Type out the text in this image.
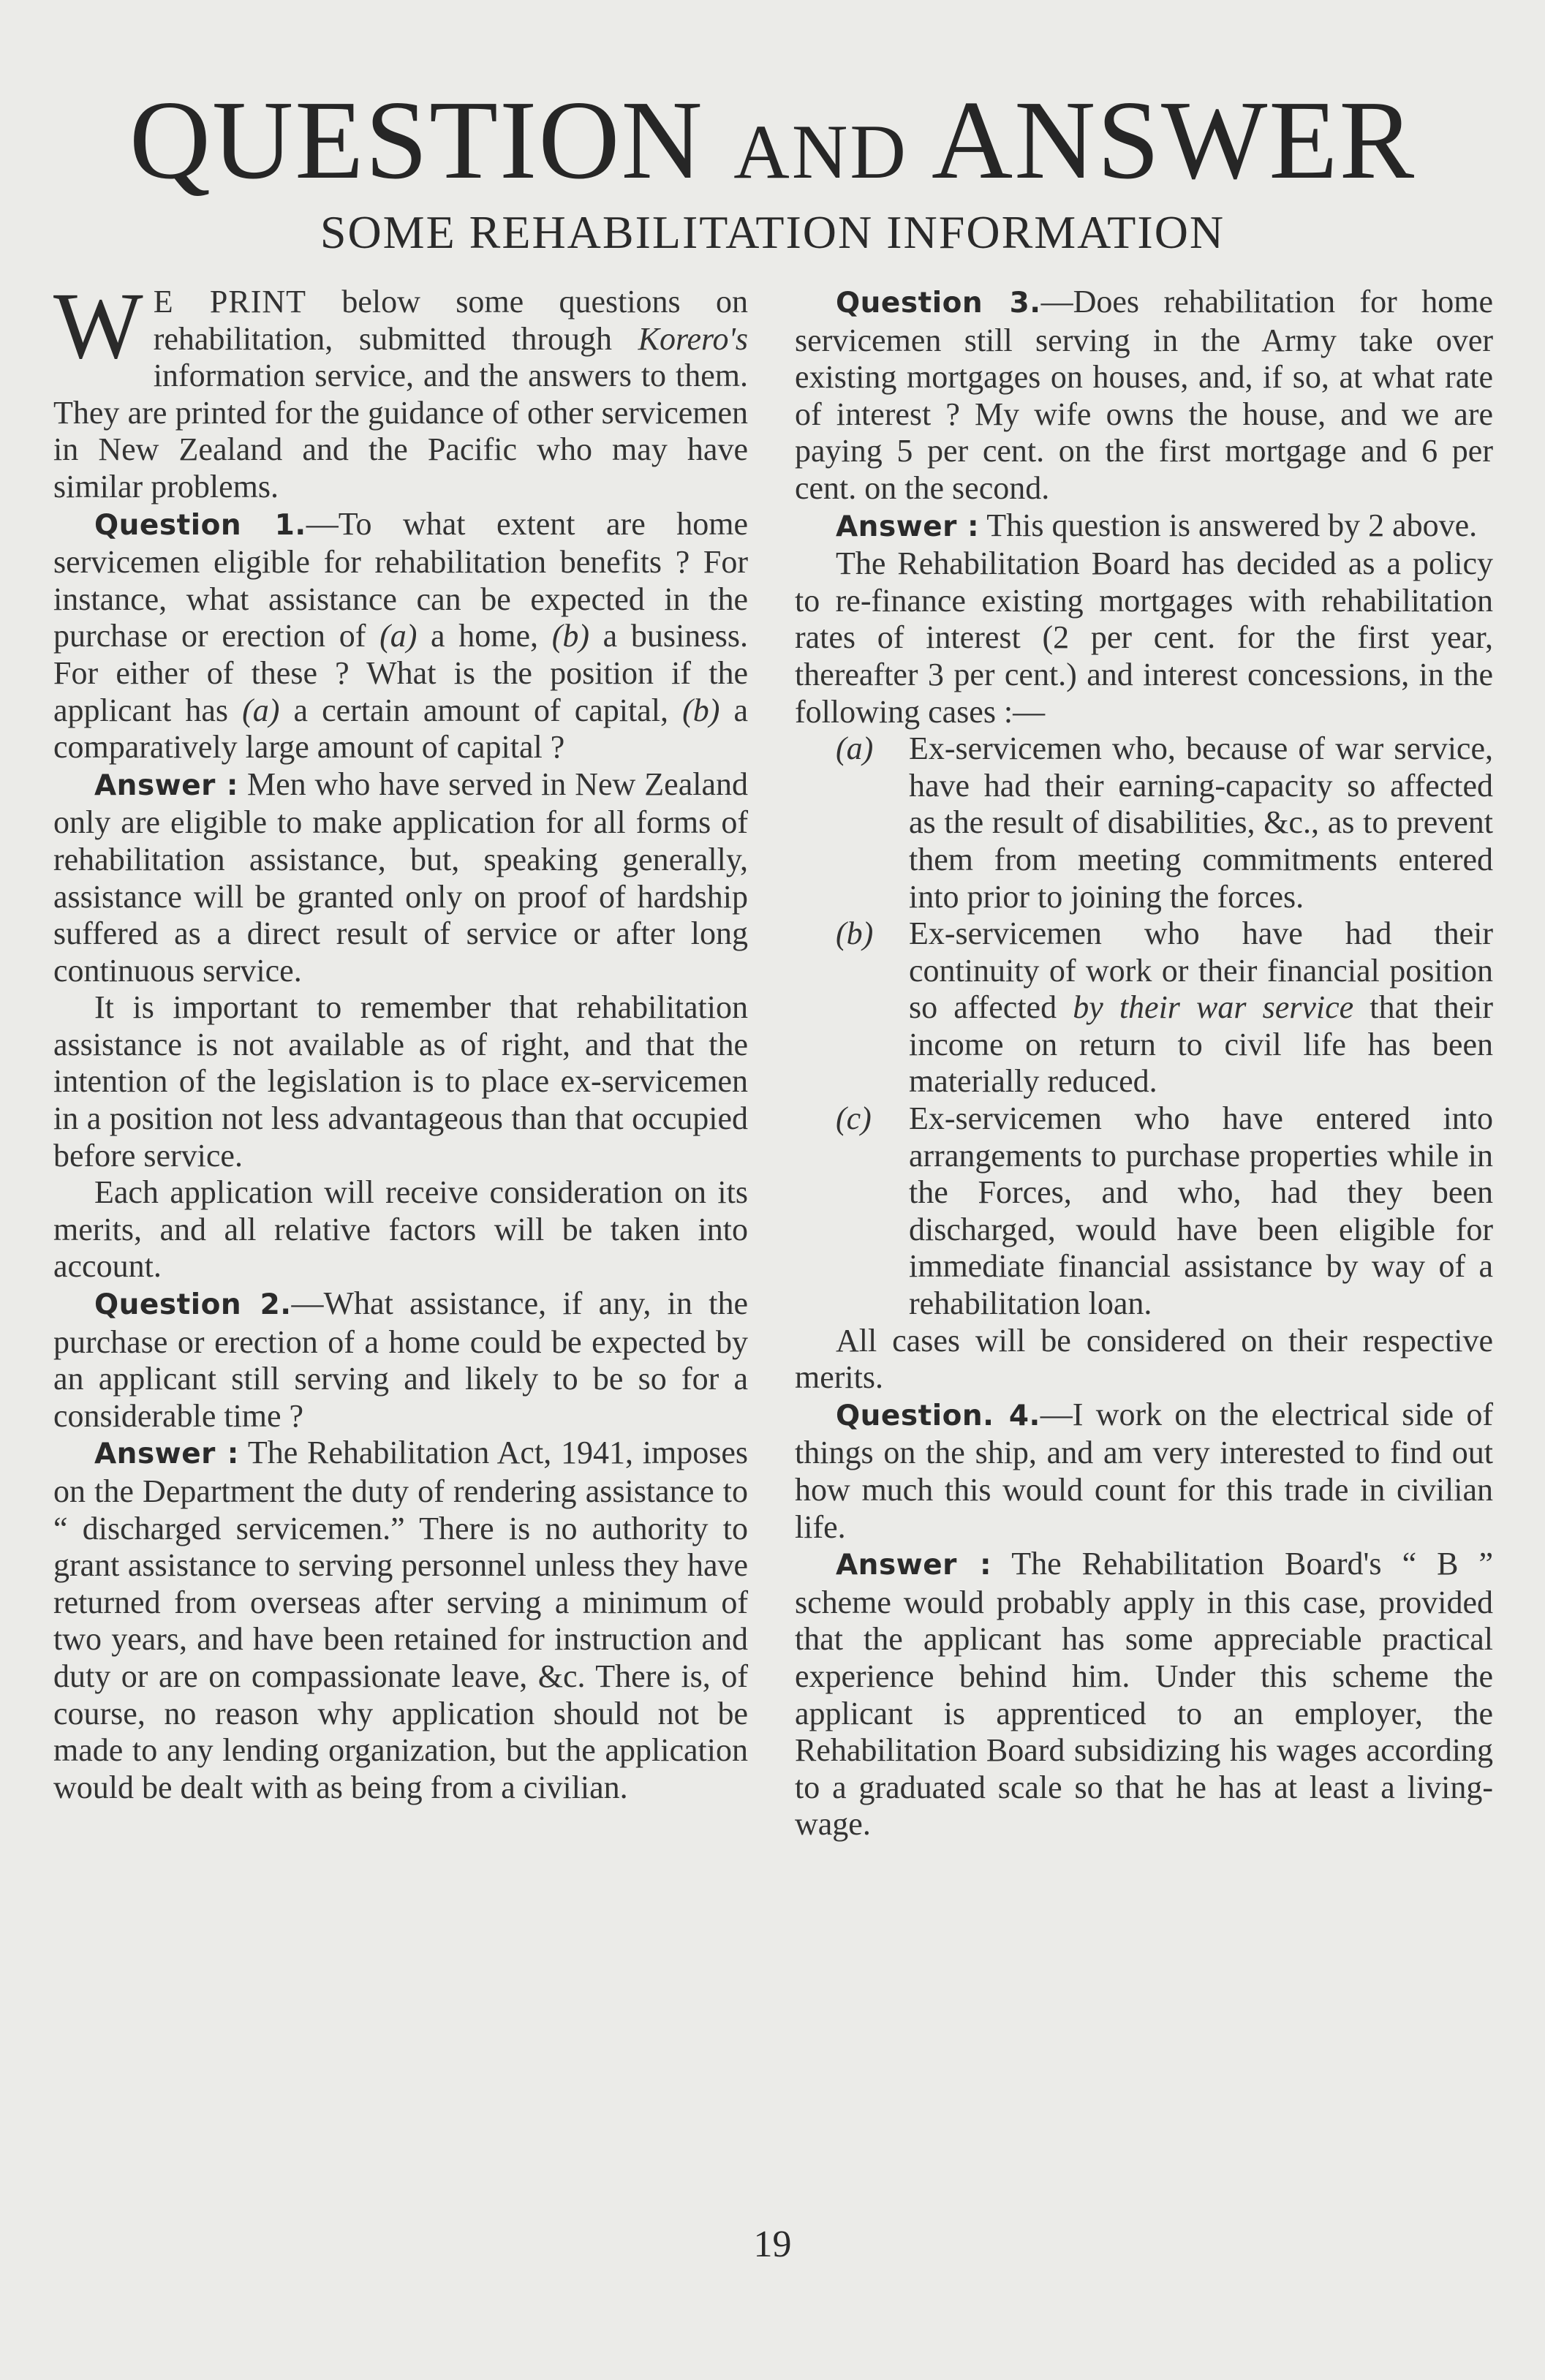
QUESTION AND ANSWER
SOME REHABILITATION INFORMATION

W E PRINT below some questions on rehabilitation, submitted through Korero's information service, and the answers to them. They are printed for the guidance of other servicemen in New Zealand and the Pacific who may have similar problems.

Question 1.—To what extent are home servicemen eligible for rehabilitation benefits ? For instance, what assistance can be expected in the purchase or erection of (a) a home, (b) a business. For either of these ? What is the position if the applicant has (a) a certain amount of capital, (b) a comparatively large amount of capital ?

Answer : Men who have served in New Zealand only are eligible to make application for all forms of rehabilitation assistance, but, speaking generally, assistance will be granted only on proof of hardship suffered as a direct result of service or after long continuous service.

It is important to remember that rehabilitation assistance is not available as of right, and that the intention of the legislation is to place ex-servicemen in a position not less advantageous than that occupied before service.

Each application will receive consideration on its merits, and all relative factors will be taken into account.

Question 2.—What assistance, if any, in the purchase or erection of a home could be expected by an applicant still serving and likely to be so for a considerable time ?

Answer : The Rehabilitation Act, 1941, imposes on the Department the duty of rendering assistance to “ discharged servicemen.” There is no authority to grant assistance to serving personnel unless they have returned from overseas after serving a minimum of two years, and have been retained for instruction and duty or are on compassionate leave, &c. There is, of course, no reason why application should not be made to any lending organization, but the application would be dealt with as being from a civilian.

Question 3.—Does rehabilitation for home servicemen still serving in the Army take over existing mortgages on houses, and, if so, at what rate of interest ? My wife owns the house, and we are paying 5 per cent. on the first mortgage and 6 per cent. on the second.

Answer : This question is answered by 2 above.

The Rehabilitation Board has decided as a policy to re-finance existing mortgages with rehabilitation rates of interest (2 per cent. for the first year, thereafter 3 per cent.) and interest concessions, in the following cases :—

(a)	Ex-servicemen who, because of war service, have had their earning-capacity so affected as the result of disabilities, &c., as to prevent them from meeting commitments entered into prior to joining the forces.
(b)	Ex-servicemen who have had their continuity of work or their financial position so affected by their war service that their income on return to civil life has been materially reduced.
(c)	Ex-servicemen who have entered into arrangements to purchase properties while in the Forces, and who, had they been discharged, would have been eligible for immediate financial assistance by way of a rehabilitation loan.

All cases will be considered on their respective merits.

Question. 4.—I work on the electrical side of things on the ship, and am very interested to find out how much this would count for this trade in civilian life.

Answer : The Rehabilitation Board's “ B ” scheme would probably apply in this case, provided that the applicant has some appreciable practical experience behind him. Under this scheme the applicant is apprenticed to an employer, the Rehabilitation Board subsidizing his wages according to a graduated scale so that he has at least a living-wage.

19
